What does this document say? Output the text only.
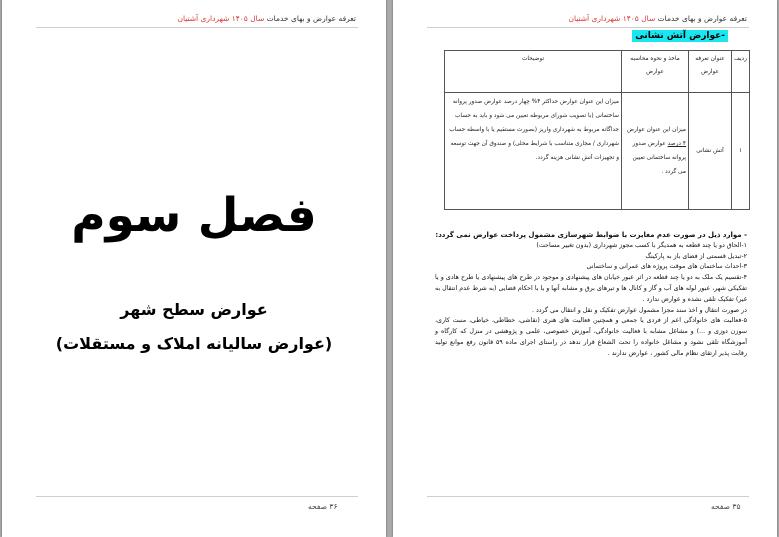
تعرفه عوارض و بهای خدمات سال ۱۴۰۵ شهرداری آشتیان
فصل سوم
عوارض سطح شهر
(عوارض سالیانه املاک و مستقلات)
۳۶ صفحه
تعرفه عوارض و بهای خدمات سال ۱۴۰۵ شهرداری آشتیان
-عوارض آتش نشانی
ردیف	عنوان تعرفه عوارض	ماخذ و نحوه محاسبه عوارض	توضیحات
۱	آتش نشانی	میزان این عنوان عوارض ۴ درصد عوارض صدور پروانه ساختمانی تعیین می گردد .	میزان این عنوان عوارض حداکثر ۴% چهار درصد عوارض صدور پروانه ساختمانی (با تصویب شورای مربوطه تعیین می شود و باید به حساب جداگانه مربوط به شهرداری واریز (بصورت مستقیم یا با واسطه حساب شهرداری / مجاری متناسب با شرایط محلی) و صندوق آن جهت توسعه و تجهیزات آتش نشانی هزینه گردد.

- موارد ذیل در صورت عدم مغایرت با ضوابط شهرسازی مشمول پرداخت عوارض نمی گردد:

۱-الحاق دو یا چند قطعه به همدیگر با کسب مجوز شهرداری (بدون تغییر مساحت)

۲-تبدیل قسمتی از فضای باز به پارکینگ

۳-احداث ساختمان های موقت پروژه های عمرانی و ساختمانی

۴-تقسیم یک ملک به دو یا چند قطعه در اثر عبور خیابان های پیشنهادی و موجود در طرح های پیشنهادی یا طرح هادی و یا تفکیکی شهر، عبور لوله های آب و گاز و کانال ها و تیرهای برق و مشابه آنها و یا با احکام قضایی (به شرط عدم انتقال به غیر) تفکیک تلقی نشده و عوارض ندارد .

در صورت انتقال و اخذ سند مجزا مشمول عوارض تفکیک و نقل و انتقال می گردد .

۵-فعالیت های خانوادگی اعم از فردی یا جمعی و همچنین فعالیت های هنری (نقاشی، خطاطی، خیاطی، منبت کاری، سوزن دوزی و ...) و مشاغل مشابه با فعالیت خانوادگی، آموزش خصوصی، علمی و پژوهشی در منزل که کارگاه و آموزشگاه تلقی نشود و مشاغل خانواده را تحت الشعاع قرار ندهد در راستای اجرای ماده ۵۹ قانون رفع موانع تولید رقابت پذیر ارتقای نظام مالی کشور ، عوارض ندارند .

۳۵ صفحه
